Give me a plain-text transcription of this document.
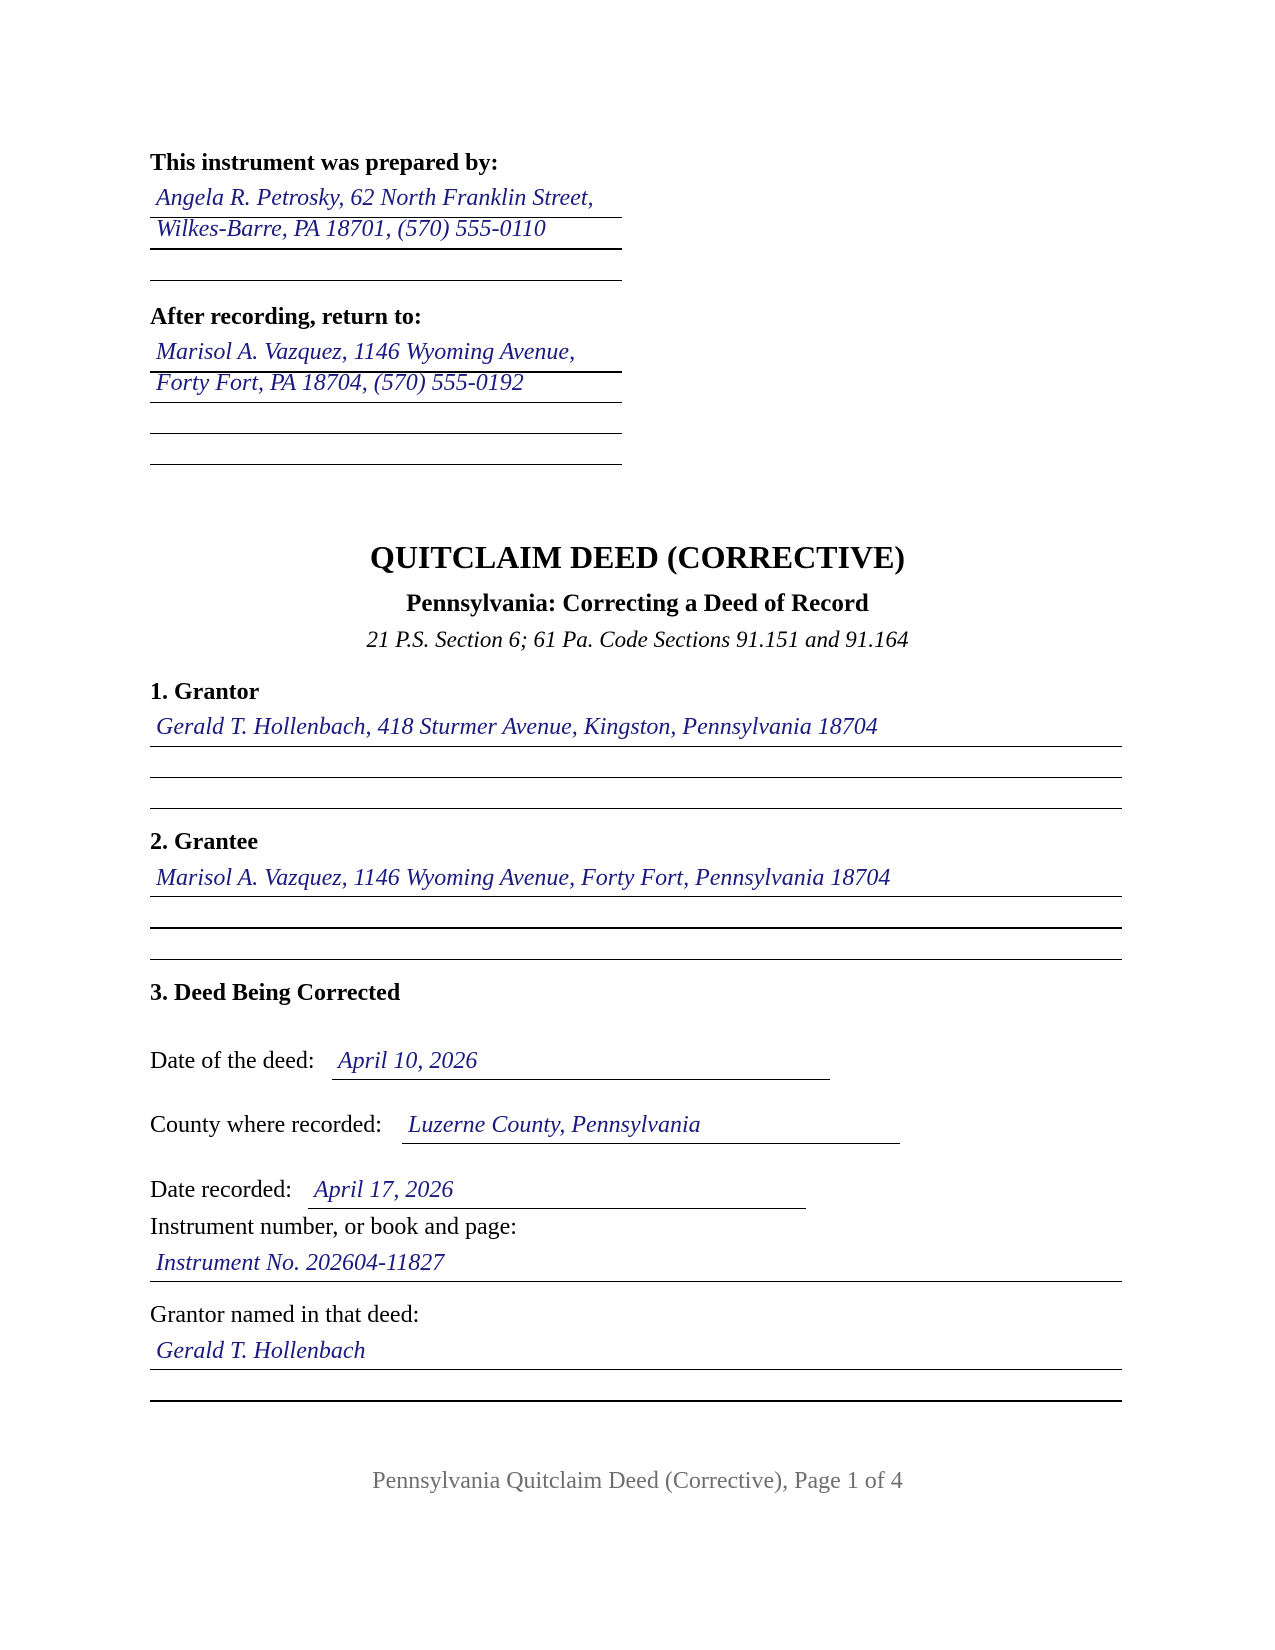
This instrument was prepared by:
Angela R. Petrosky, 62 North Franklin Street,
Wilkes-Barre, PA 18701, (570) 555-0110
After recording, return to:
Marisol A. Vazquez, 1146 Wyoming Avenue,
Forty Fort, PA 18704, (570) 555-0192
QUITCLAIM DEED (CORRECTIVE)
Pennsylvania: Correcting a Deed of Record
21 P.S. Section 6; 61 Pa. Code Sections 91.151 and 91.164
1. Grantor
Gerald T. Hollenbach, 418 Sturmer Avenue, Kingston, Pennsylvania 18704
2. Grantee
Marisol A. Vazquez, 1146 Wyoming Avenue, Forty Fort, Pennsylvania 18704
3. Deed Being Corrected
Date of the deed: April 10, 2026
County where recorded: Luzerne County, Pennsylvania
Date recorded: April 17, 2026
Instrument number, or book and page:
Instrument No. 202604-11827
Grantor named in that deed:
Gerald T. Hollenbach
Pennsylvania Quitclaim Deed (Corrective), Page 1 of 4
